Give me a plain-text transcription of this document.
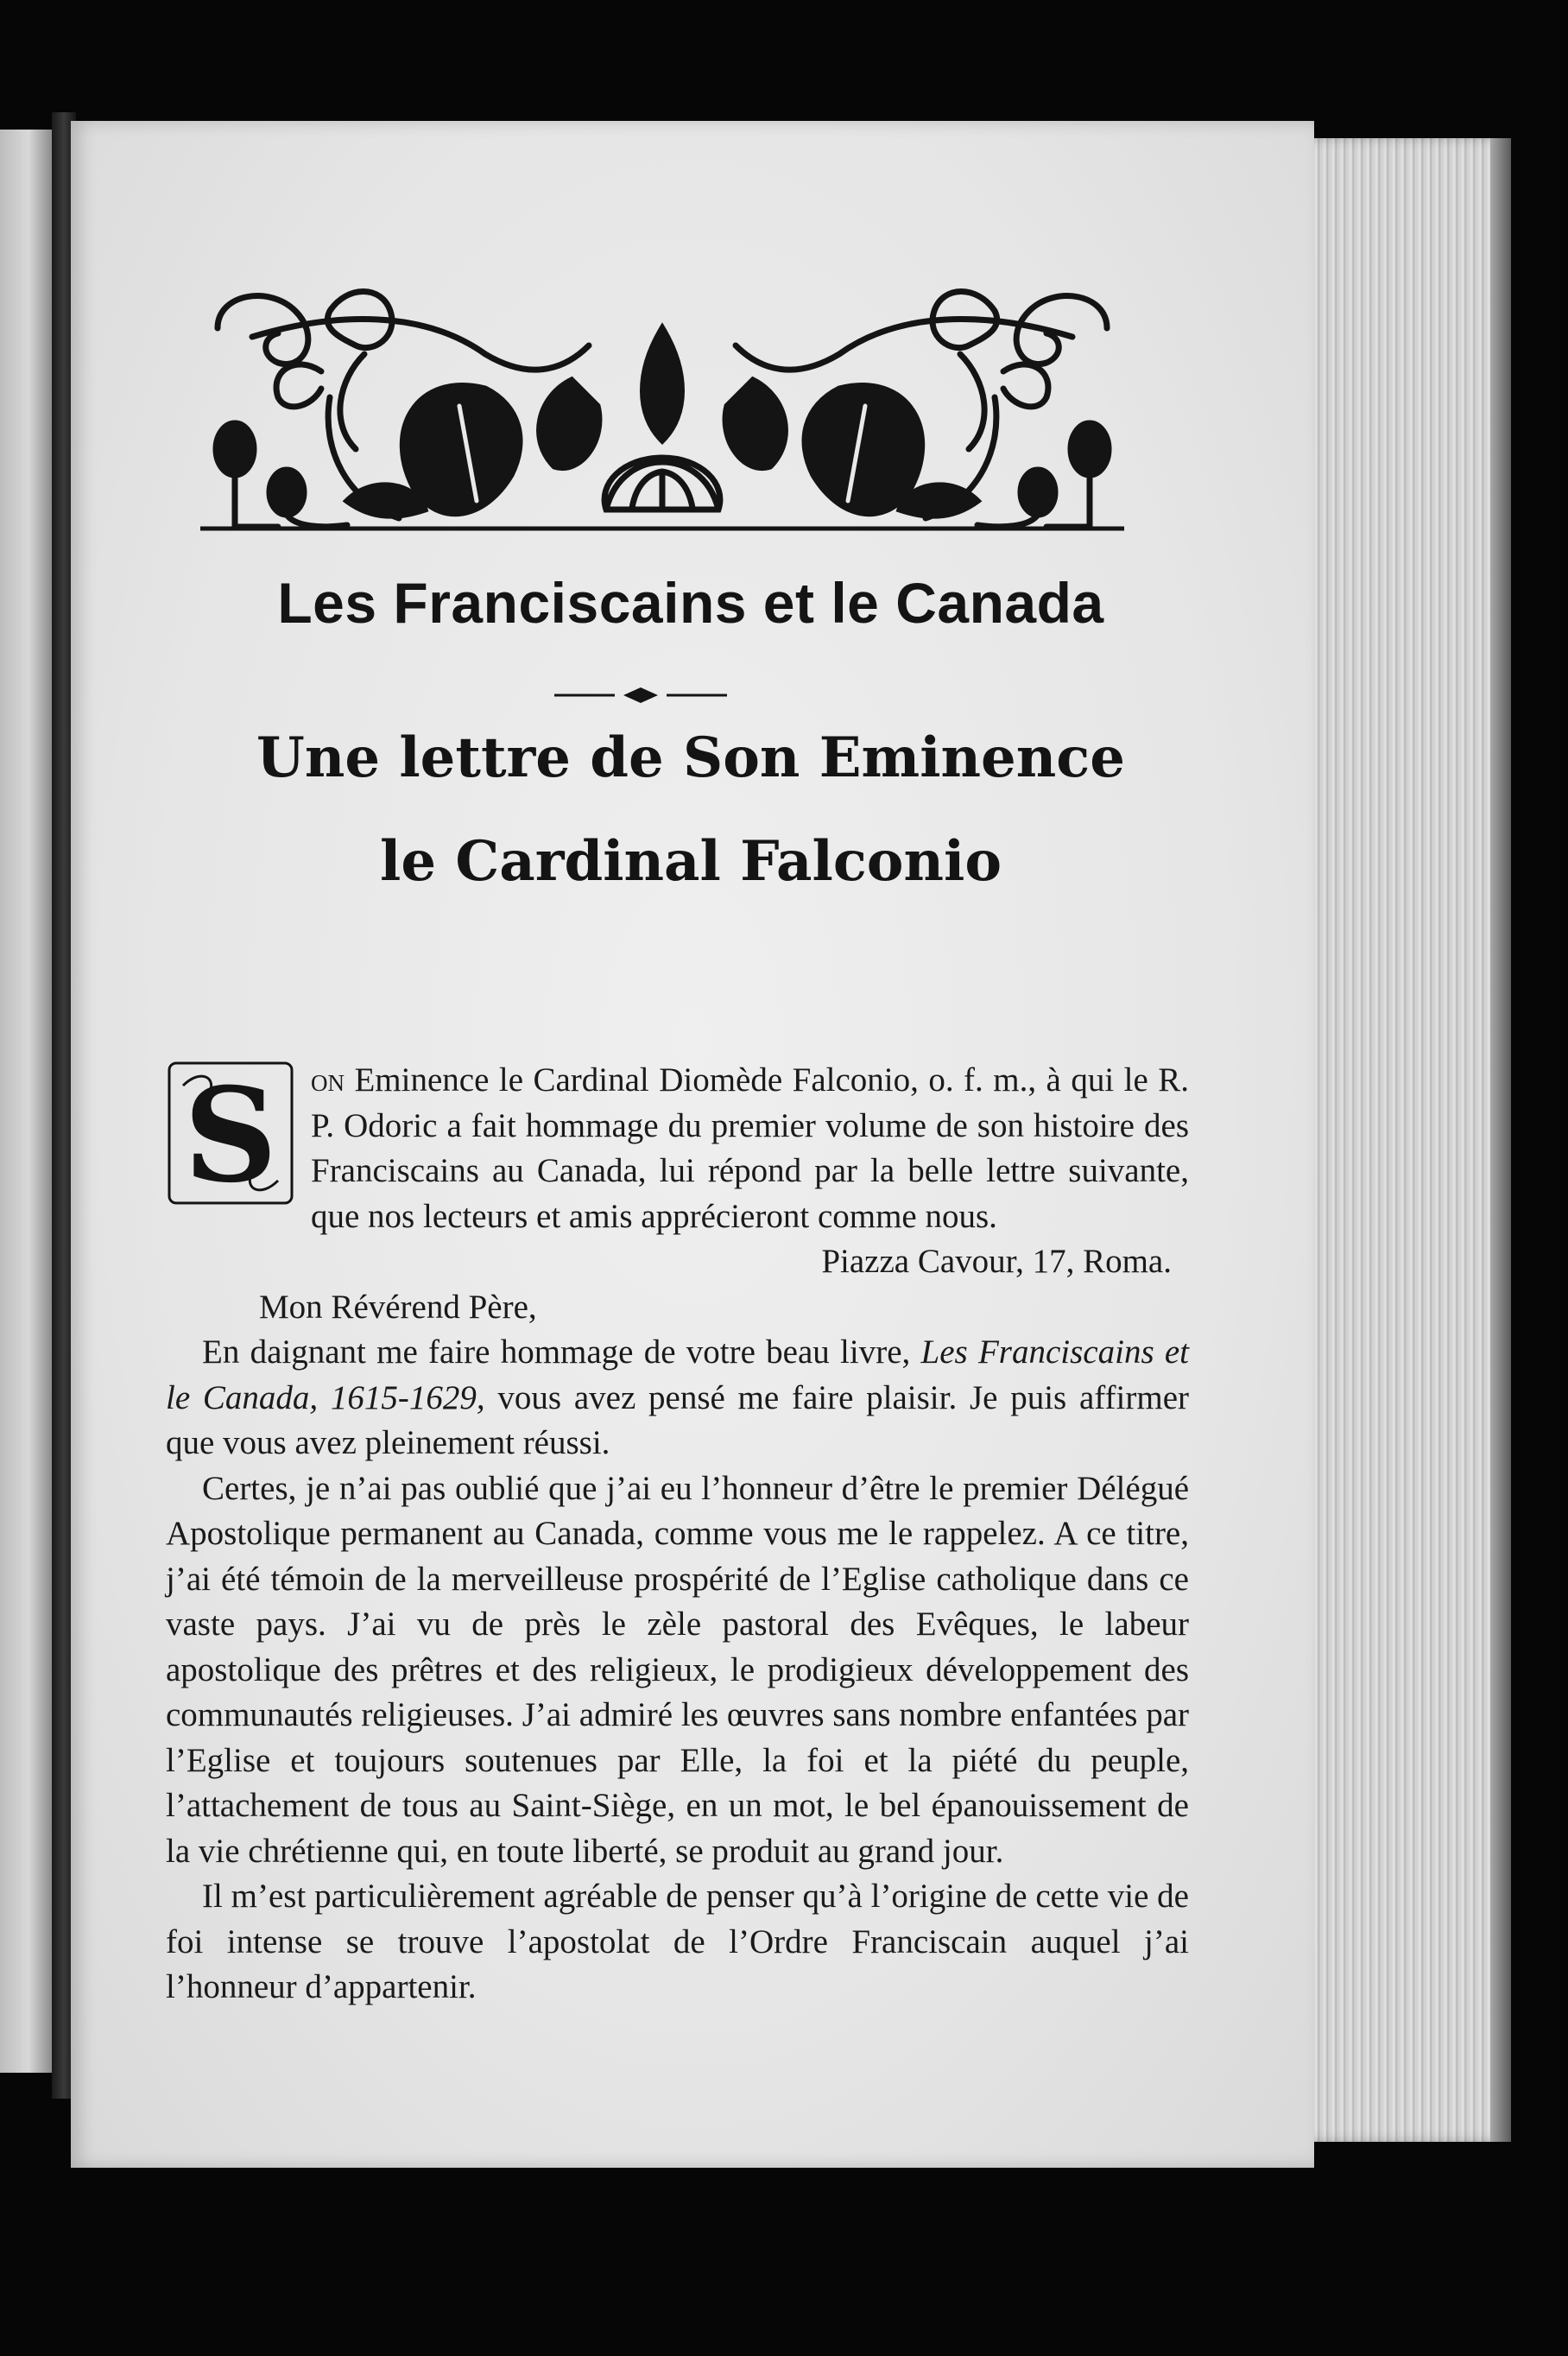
Les Franciscains et le Canada
Une lettre de Son Eminence
le Cardinal Falconio

S on Eminence le Cardinal Diomède Falconio, o. f. m., à qui le R. P. Odoric a fait hommage du premier volume de son histoire des Franciscains au Canada, lui répond par la belle lettre suivante, que nos lecteurs et amis apprécieront comme nous.

Piazza Cavour, 17, Roma.

Mon Révérend Père,

En daignant me faire hommage de votre beau livre, Les Franciscains et le Canada, 1615-1629, vous avez pensé me faire plaisir. Je puis affirmer que vous avez pleinement réussi.

Certes, je n’ai pas oublié que j’ai eu l’honneur d’être le premier Délégué Apostolique permanent au Canada, comme vous me le rappelez. A ce titre, j’ai été témoin de la merveilleuse prospérité de l’Eglise catholique dans ce vaste pays. J’ai vu de près le zèle pastoral des Evêques, le labeur apostolique des prêtres et des religieux, le prodigieux développement des communautés religieuses. J’ai admiré les œuvres sans nombre enfantées par l’Eglise et toujours soutenues par Elle, la foi et la piété du peuple, l’attachement de tous au Saint-Siège, en un mot, le bel épanouissement de la vie chrétienne qui, en toute liberté, se produit au grand jour.

Il m’est particulièrement agréable de penser qu’à l’origine de cette vie de foi intense se trouve l’apostolat de l’Ordre Franciscain auquel j’ai l’honneur d’appartenir.
